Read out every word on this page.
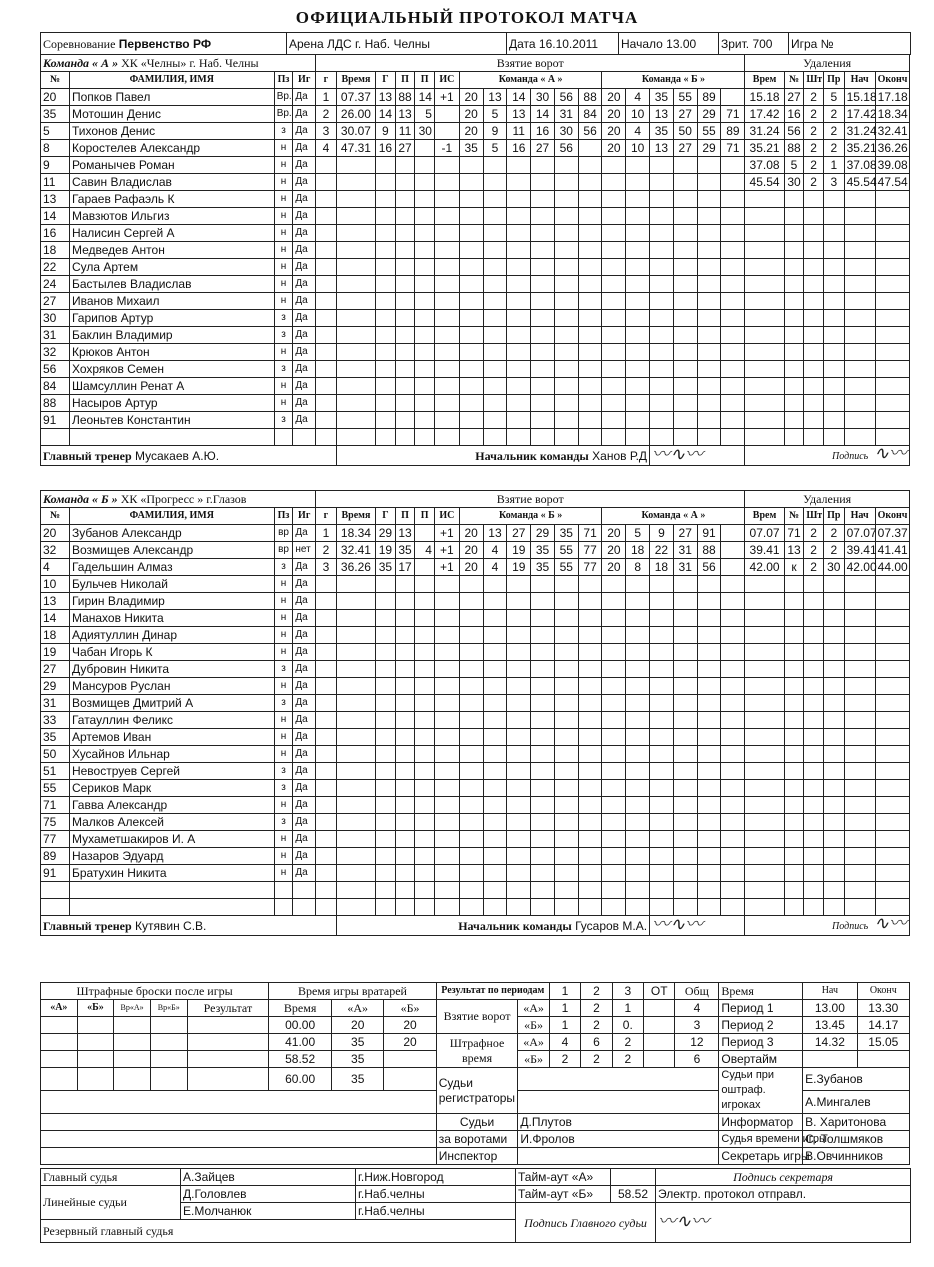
ОФИЦИАЛЬНЫЙ ПРОТОКОЛ МАТЧА
Соревнование Первенство РФ	Арена ЛДС г. Наб. Челны	Дата 16.10.2011	Начало 13.00	Зрит. 700	Игра №
Команда « А » ХК «Челны» г. Наб. Челны				Взятие ворот																		Удаления					
№	ФАМИЛИЯ, ИМЯ	Пз	Иг	г	Время	Г	П	П	ИС	Команда « А »						Команда « Б »						Врем	№	Шт	Пр	Нач	Оконч
20	Попков Павел	Вр.	Да	1	07.37	13	88	14	+1	20	13	14	30	56	88	20	4	35	55	89		15.18	27	2	5	15.18	17.18
35	Мотошин Денис	Вр.	Да	2	26.00	14	13	5		20	5	13	14	31	84	20	10	13	27	29	71	17.42	16	2	2	17.42	18.34
5	Тихонов Денис	з	Да	3	30.07	9	11	30		20	9	11	16	30	56	20	4	35	50	55	89	31.24	56	2	2	31.24	32.41
8	Коростелев Александр	н	Да	4	47.31	16	27		-1	35	5	16	27	56		20	10	13	27	29	71	35.21	88	2	2	35.21	36.26
9	Романычев Роман	н	Да																			37.08	5	2	1	37.08	39.08
11	Савин Владислав	н	Да																			45.54	30	2	3	45.54	47.54
13	Гараев Рафаэль К	н	Да																								
14	Мавзютов Ильгиз	н	Да																								
16	Налисин Сергей А	н	Да																								
18	Медведев Антон	н	Да																								
22	Сула Артем	н	Да																								
24	Бастылев Владислав	н	Да																								
27	Иванов Михаил	н	Да																								
30	Гарипов Артур	з	Да																								
31	Баклин Владимир	з	Да																								
32	Крюков Антон	н	Да																								
56	Хохряков Семен	з	Да																								
84	Шамсуллин Ренат А	н	Да																								
88	Насыров Артур	н	Да																								
91	Леоньтев Константин	з	Да																								

Главный тренер Мусакаев А.Ю.					Начальник команды Ханов Р.Д													〰∿〰				Подпись ∿〰					
Команда « Б » ХК «Прогресс » г.Глазов				Взятие ворот																		Удаления					
№	ФАМИЛИЯ, ИМЯ	Пз	Иг	г	Время	Г	П	П	ИС	Команда « Б »						Команда « А »						Врем	№	Шт	Пр	Нач	Оконч
20	Зубанов Александр	вр	Да	1	18.34	29	13		+1	20	13	27	29	35	71	20	5	9	27	91		07.07	71	2	2	07.07	07.37
32	Возмищев Александр	вр	нет	2	32.41	19	35	4	+1	20	4	19	35	55	77	20	18	22	31	88		39.41	13	2	2	39.41	41.41
4	Гадельшин Алмаз	з	Да	3	36.26	35	17		+1	20	4	19	35	55	77	20	8	18	31	56		42.00	к	2	30	42.00	44.00
10	Бульчев Николай	н	Да																								
13	Гирин Владимир	н	Да																								
14	Манахов Никита	н	Да																								
18	Адиятуллин Динар	н	Да																								
19	Чабан Игорь К	н	Да																								
27	Дубровин Никита	з	Да																								
29	Мансуров Руслан	н	Да																								
31	Возмищев Дмитрий А	з	Да																								
33	Гатауллин Феликс	н	Да																								
35	Артемов Иван	н	Да																								
50	Хусайнов Ильнар	н	Да																								
51	Невоструев Сергей	з	Да																								
55	Сериков Марк	з	Да																								
71	Гавва Александр	н	Да																								
75	Малков Алексей	з	Да																								
77	Мухаметшакиров И. А	н	Да																								
89	Назаров Эдуард	н	Да																								
91	Братухин Никита	н	Да																								

Главный тренер Кутявин С.В.					Начальник команды Гусаров М.А.													〰∿〰				Подпись ∿〰					
Штрафные броски после игры					Время игры вратарей			Результат по периодам		1	2	3	ОТ	Общ	Время	Нач	Оконч
«А»	«Б»	Вр«А»	Вр«Б»	Результат	Время	«А»	«Б»	Взятие ворот	«А»	1	2	1		4	Период 1	13.00	13.30
					00.00	20	20		«Б»	1	2	0.		3	Период 2	13.45	14.17
					41.00	35	20	Штрафное время	«А»	4	6	2		12	Период 3	14.32	15.05
					58.52	35			«Б»	2	2	2		6	Овертайм		
					60.00	35		Судьи регистраторы							Судьи при оштраф. игроках	Е.Зубанов	
																А.Мингалев	
								Судьи	Д.Плутов						Информатор	В. Харитонова	
								за воротами	И.Фролов						Судья времени игры	С. Толшмяков	
								Инспектор							Секретарь игры	В.Овчинников	
Главный судья	А.Зайцев	г.Ниж.Новгород	Тайм-аут «А»		Подпись секретаря
Линейные судьи	Д.Головлев	г.Наб.челны	Тайм-аут «Б»	58.52	Электр. протокол отправл.
	Е.Молчанюк	г.Наб.челны	Подпись Главного судьи		〰∿〰
Резервный главный судья					
